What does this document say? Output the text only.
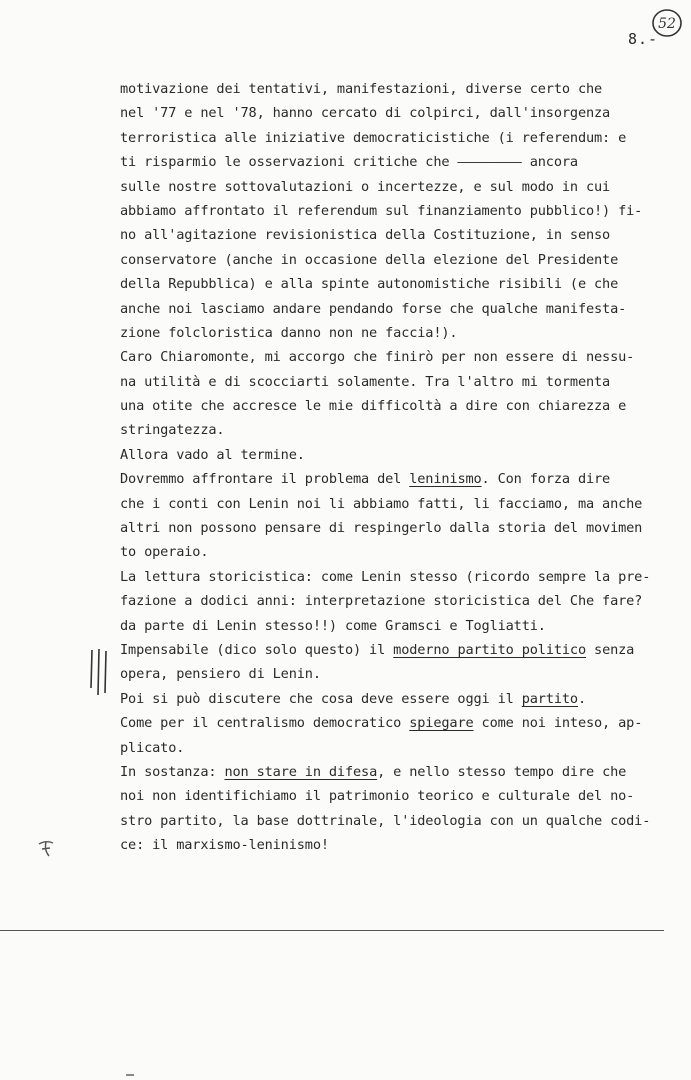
8.-
52
motivazione dei tentativi, manifestazioni, diverse certo che
nel '77 e nel '78, hanno cercato di colpirci, dall'insorgenza
terroristica alle iniziative democraticistiche (i referendum: e
ti risparmio le osservazioni critiche che ———————— ancora
sulle nostre sottovalutazioni o incertezze, e sul modo in cui
abbiamo affrontato il referendum sul finanziamento pubblico!) fi-
no all'agitazione revisionistica della Costituzione, in senso
conservatore (anche in occasione della elezione del Presidente
della Repubblica) e alla spinte autonomistiche risibili (e che
anche noi lasciamo andare pendando forse che qualche manifesta-
zione folcloristica danno non ne faccia!).
Caro Chiaromonte, mi accorgo che finirò per non essere di nessu-
na utilità e di scocciarti solamente. Tra l'altro mi tormenta
una otite che accresce le mie difficoltà a dire con chiarezza e
stringatezza.
Allora vado al termine.
Dovremmo affrontare il problema del leninismo. Con forza dire
che i conti con Lenin noi li abbiamo fatti, li facciamo, ma anche
altri non possono pensare di respingerlo dalla storia del movimen
to operaio.
La lettura storicistica: come Lenin stesso (ricordo sempre la pre-
fazione a dodici anni: interpretazione storicistica del Che fare?
da parte di Lenin stesso!!) come Gramsci e Togliatti.
Impensabile (dico solo questo) il moderno partito politico senza
opera, pensiero di Lenin.
Poi si può discutere che cosa deve essere oggi il partito.
Come per il centralismo democratico spiegare come noi inteso, ap-
plicato.
In sostanza: non stare in difesa, e nello stesso tempo dire che
noi non identifichiamo il patrimonio teorico e culturale del no-
stro partito, la base dottrinale, l'ideologia con un qualche codi-
ce: il marxismo-leninismo!
